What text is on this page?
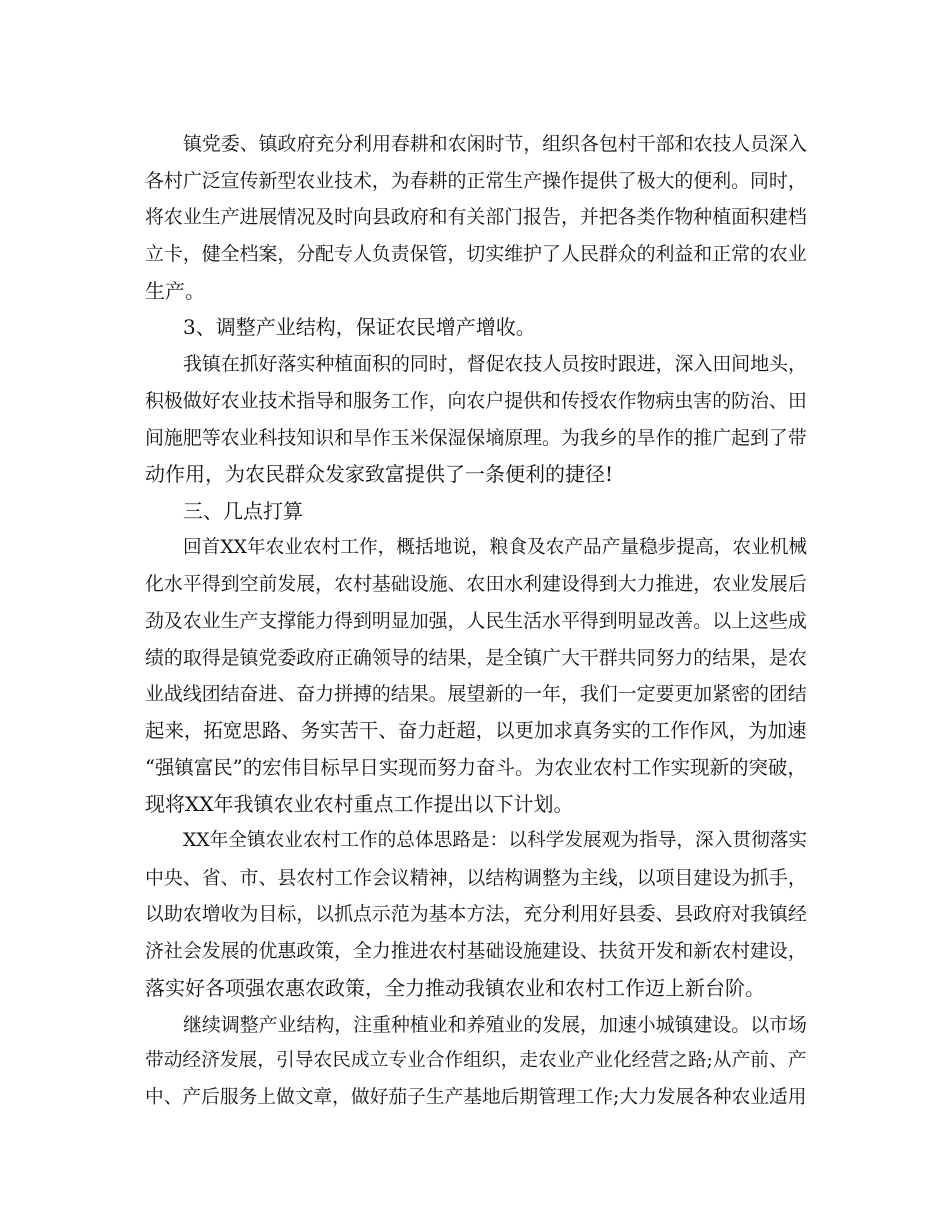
镇党委、镇政府充分利用春耕和农闲时节，组织各包村干部和农技人员深入
各村广泛宣传新型农业技术，为春耕的正常生产操作提供了极大的便利。同时，
将农业生产进展情况及时向县政府和有关部门报告，并把各类作物种植面积建档
立卡，健全档案，分配专人负责保管，切实维护了人民群众的利益和正常的农业
生产。
3、调整产业结构，保证农民增产增收。
我镇在抓好落实种植面积的同时，督促农技人员按时跟进，深入田间地头，
积极做好农业技术指导和服务工作，向农户提供和传授农作物病虫害的防治、田
间施肥等农业科技知识和旱作玉米保湿保墒原理。为我乡的旱作的推广起到了带
动作用，为农民群众发家致富提供了一条便利的捷径!
三、几点打算
回首XX年农业农村工作，概括地说，粮食及农产品产量稳步提高，农业机械
化水平得到空前发展，农村基础设施、农田水利建设得到大力推进，农业发展后
劲及农业生产支撑能力得到明显加强，人民生活水平得到明显改善。以上这些成
绩的取得是镇党委政府正确领导的结果，是全镇广大干群共同努力的结果，是农
业战线团结奋进、奋力拼搏的结果。展望新的一年，我们一定要更加紧密的团结
起来，拓宽思路、务实苦干、奋力赶超，以更加求真务实的工作作风，为加速
“强镇富民”的宏伟目标早日实现而努力奋斗。为农业农村工作实现新的突破，
现将XX年我镇农业农村重点工作提出以下计划。
XX年全镇农业农村工作的总体思路是：以科学发展观为指导，深入贯彻落实
中央、省、市、县农村工作会议精神，以结构调整为主线，以项目建设为抓手，
以助农增收为目标，以抓点示范为基本方法，充分利用好县委、县政府对我镇经
济社会发展的优惠政策，全力推进农村基础设施建设、扶贫开发和新农村建设，
落实好各项强农惠农政策，全力推动我镇农业和农村工作迈上新台阶。
继续调整产业结构，注重种植业和养殖业的发展，加速小城镇建设。以市场
带动经济发展，引导农民成立专业合作组织，走农业产业化经营之路;从产前、产
中、产后服务上做文章，做好茄子生产基地后期管理工作;大力发展各种农业适用
